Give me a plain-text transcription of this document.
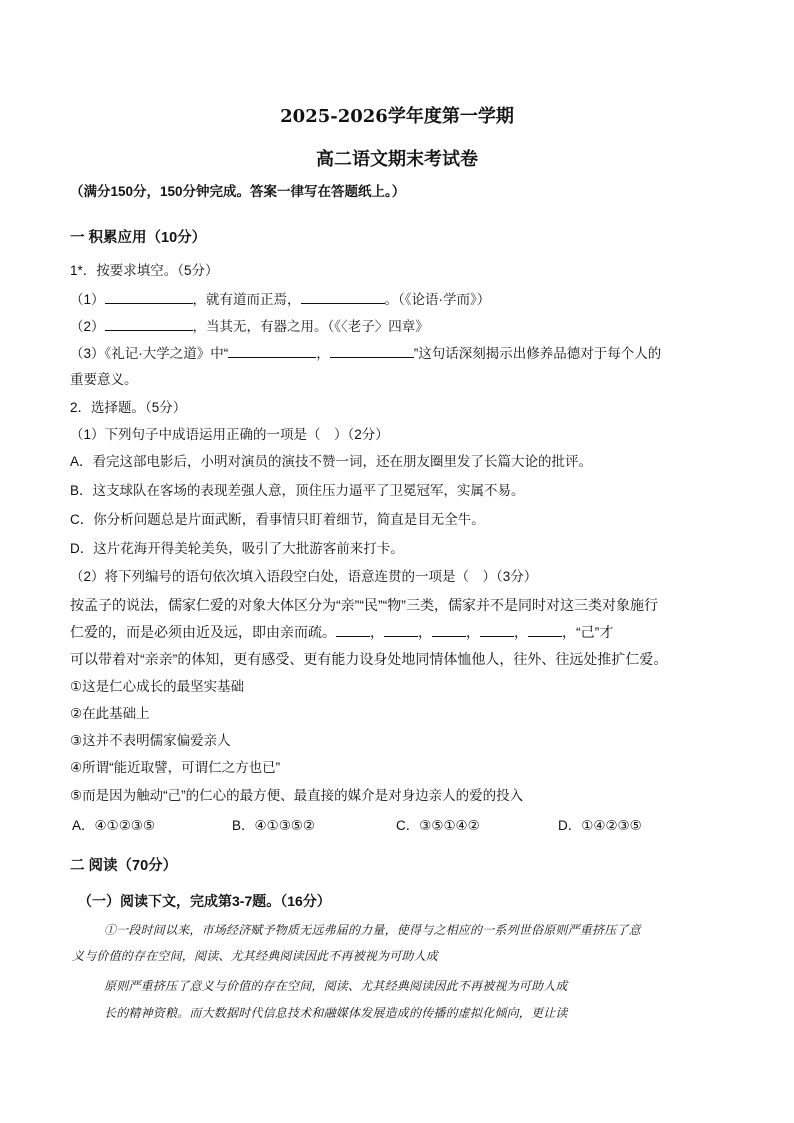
2025-2026学年度第一学期
高二语文期末考试卷
（满分150分，150分钟完成。答案一律写在答题纸上。）
一 积累应用（10分）
1*．按要求填空。（5分）
（1）	，就有道而正焉，	。（《论语·学而》）
（2）	，当其无，有器之用。（《〈老子〉四章》
（3）《礼记·大学之道》中“	，	”这句话深刻揭示出修养品德对于每个人的
重要意义。
2．选择题。（5分）
（1）下列句子中成语运用正确的一项是（　）（2分）
A．看完这部电影后，小明对演员的演技不赞一词，还在朋友圈里发了长篇大论的批评。
B．这支球队在客场的表现差强人意，顶住压力逼平了卫冕冠军，实属不易。
C．你分析问题总是片面武断，看事情只盯着细节，简直是目无全牛。
D．这片花海开得美轮美奂，吸引了大批游客前来打卡。
（2）将下列编号的语句依次填入语段空白处，语意连贯的一项是（　）（3分）
按孟子的说法，儒家仁爱的对象大体区分为“亲”“民”“物”三类，儒家并不是同时对这三类对象施行
仁爱的，而是必须由近及远，即由亲而疏。 ， ， ， ， ，“己”才
可以带着对“亲亲”的体知，更有感受、更有能力设身处地同情体恤他人，往外、往远处推扩仁爱。
①这是仁心成长的最坚实基础
②在此基础上
③这并不表明儒家偏爱亲人
④所谓“能近取譬，可谓仁之方也已”
⑤而是因为触动“己”的仁心的最方便、最直接的媒介是对身边亲人的爱的投入
A．④①②③⑤	B．④①③⑤②	C．③⑤①④②	D．①④②③⑤
二 阅读（70分）
（一）阅读下文，完成第3-7题。（16分）
①一段时间以来，市场经济赋予物质无远弗届的力量，使得与之相应的一系列世俗原则严重挤压了意
义与价值的存在空间，阅读、尤其经典阅读因此不再被视为可助人成
原则严重挤压了意义与价值的存在空间，阅读、尤其经典阅读因此不再被视为可助人成
长的精神资粮。而大数据时代信息技术和融媒体发展造成的传播的虚拟化倾向，更让读
